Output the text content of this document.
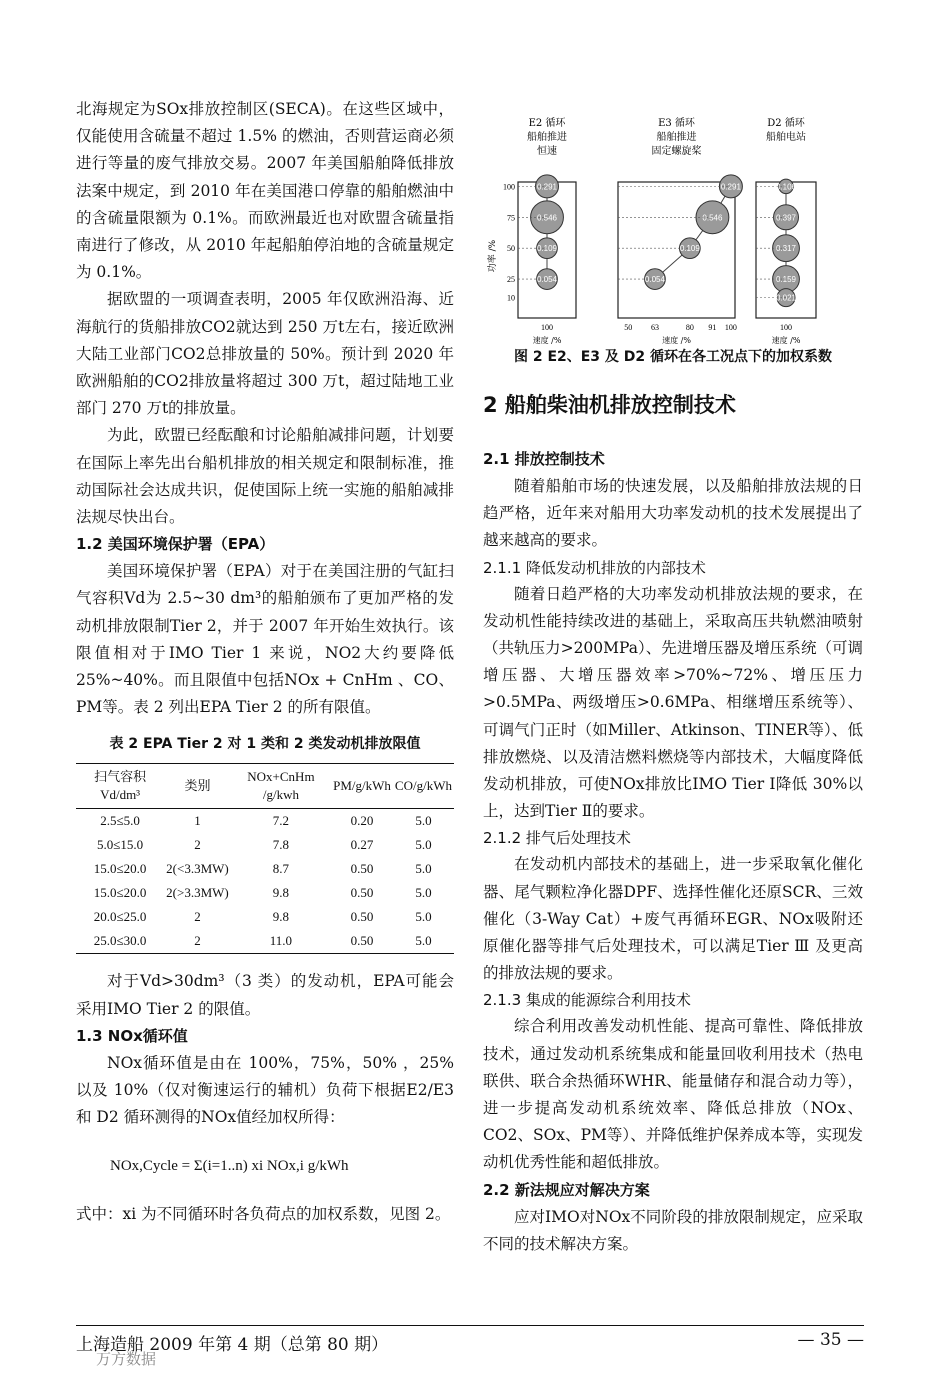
北海规定为SOx排放控制区(SECA)。在这些区域中，仅能使用含硫量不超过 1.5% 的燃油，否则营运商必须进行等量的废气排放交易。2007 年美国船舶降低排放法案中规定，到 2010 年在美国港口停靠的船舶燃油中的含硫量限额为 0.1%。而欧洲最近也对欧盟含硫量指南进行了修改，从 2010 年起船舶停泊地的含硫量规定为 0.1%。

据欧盟的一项调查表明，2005 年仅欧洲沿海、近海航行的货船排放CO2就达到 250 万t左右，接近欧洲大陆工业部门CO2总排放量的 50%。预计到 2020 年欧洲船舶的CO2排放量将超过 300 万t，超过陆地工业部门 270 万t的排放量。

为此，欧盟已经酝酿和讨论船舶减排问题，计划要在国际上率先出台船机排放的相关规定和限制标准，推动国际社会达成共识，促使国际上统一实施的船舶减排法规尽快出台。

1.2 美国环境保护署（EPA）

美国环境保护署（EPA）对于在美国注册的气缸扫气容积Vd为 2.5~30 dm³的船舶颁布了更加严格的发动机排放限制Tier 2，并于 2007 年开始生效执行。该限值相对于IMO Tier 1 来说，NO2大约要降低 25%~40%。而且限值中包括NOx + CnHm 、CO、PM等。表 2 列出EPA Tier 2 的所有限值。

表 2 EPA Tier 2 对 1 类和 2 类发动机排放限值
扫气容积 Vd/dm³	类别	NOx+CnHm /g/kwh	PM/g/kWh	CO/g/kWh
2.5≤5.0	1	7.2	0.20	5.0
5.0≤15.0	2	7.8	0.27	5.0
15.0≤20.0	2(<3.3MW)	8.7	0.50	5.0
15.0≤20.0	2(>3.3MW)	9.8	0.50	5.0
20.0≤25.0	2	9.8	0.50	5.0
25.0≤30.0	2	11.0	0.50	5.0

对于Vd>30dm³（3 类）的发动机，EPA可能会采用IMO Tier 2 的限值。

1.3 NOx循环值

NOx循环值是由在 100%，75%，50% ，25% 以及 10%（仅对衡速运行的辅机）负荷下根据E2/E3 和 D2 循环测得的NOx值经加权所得：

NOx,Cycle = Σ(i=1..n) xi NOx,i g/kWh

式中：xi 为不同循环时各负荷点的加权系数，见图 2。

功率 /%
100
75
50
25
10
E2 循环
船舶推进
恒速
0.291
0.546
0.109
0.054
100
速度 /%
E3 循环
船舶推进
固定螺旋桨
0.291
0.546
0.109
0.054
50 63	80 91 100
速度 /%
D2 循环
船舶电站
0.106
0.397
0.317
0.159
0.021
100
速度 /%
图 2 E2、E3 及 D2 循环在各工况点下的加权系数
2 船舶柴油机排放控制技术
2.1 排放控制技术

随着船舶市场的快速发展，以及船舶排放法规的日趋严格，近年来对船用大功率发动机的技术发展提出了越来越高的要求。

2.1.1 降低发动机排放的内部技术

随着日趋严格的大功率发动机排放法规的要求，在发动机性能持续改进的基础上，采取高压共轨燃油喷射（共轨压力>200MPa）、先进增压器及增压系统（可调增压器、大增压器效率>70%~72%、增压压力>0.5MPa、两级增压>0.6MPa、相继增压系统等）、可调气门正时（如Miller、Atkinson、TINER等）、低排放燃烧、以及清洁燃料燃烧等内部技术，大幅度降低发动机排放，可使NOx排放比IMO Tier Ⅰ降低 30%以上，达到Tier Ⅱ的要求。

2.1.2 排气后处理技术

在发动机内部技术的基础上，进一步采取氧化催化器、尾气颗粒净化器DPF、选择性催化还原SCR、三效催化（3-Way Cat）+废气再循环EGR、NOx吸附还原催化器等排气后处理技术，可以满足Tier Ⅲ 及更高的排放法规的要求。

2.1.3 集成的能源综合利用技术

综合利用改善发动机性能、提高可靠性、降低排放技术，通过发动机系统集成和能量回收利用技术（热电联供、联合余热循环WHR、能量储存和混合动力等），进一步提高发动机系统效率、降低总排放（NOx、CO2、SOx、PM等）、并降低维护保养成本等，实现发动机优秀性能和超低排放。

2.2 新法规应对解决方案

应对IMO对NOx不同阶段的排放限制规定，应采取不同的技术解决方案。

上海造船 2009 年第 4 期（总第 80 期）	— 35 —
万方数据
